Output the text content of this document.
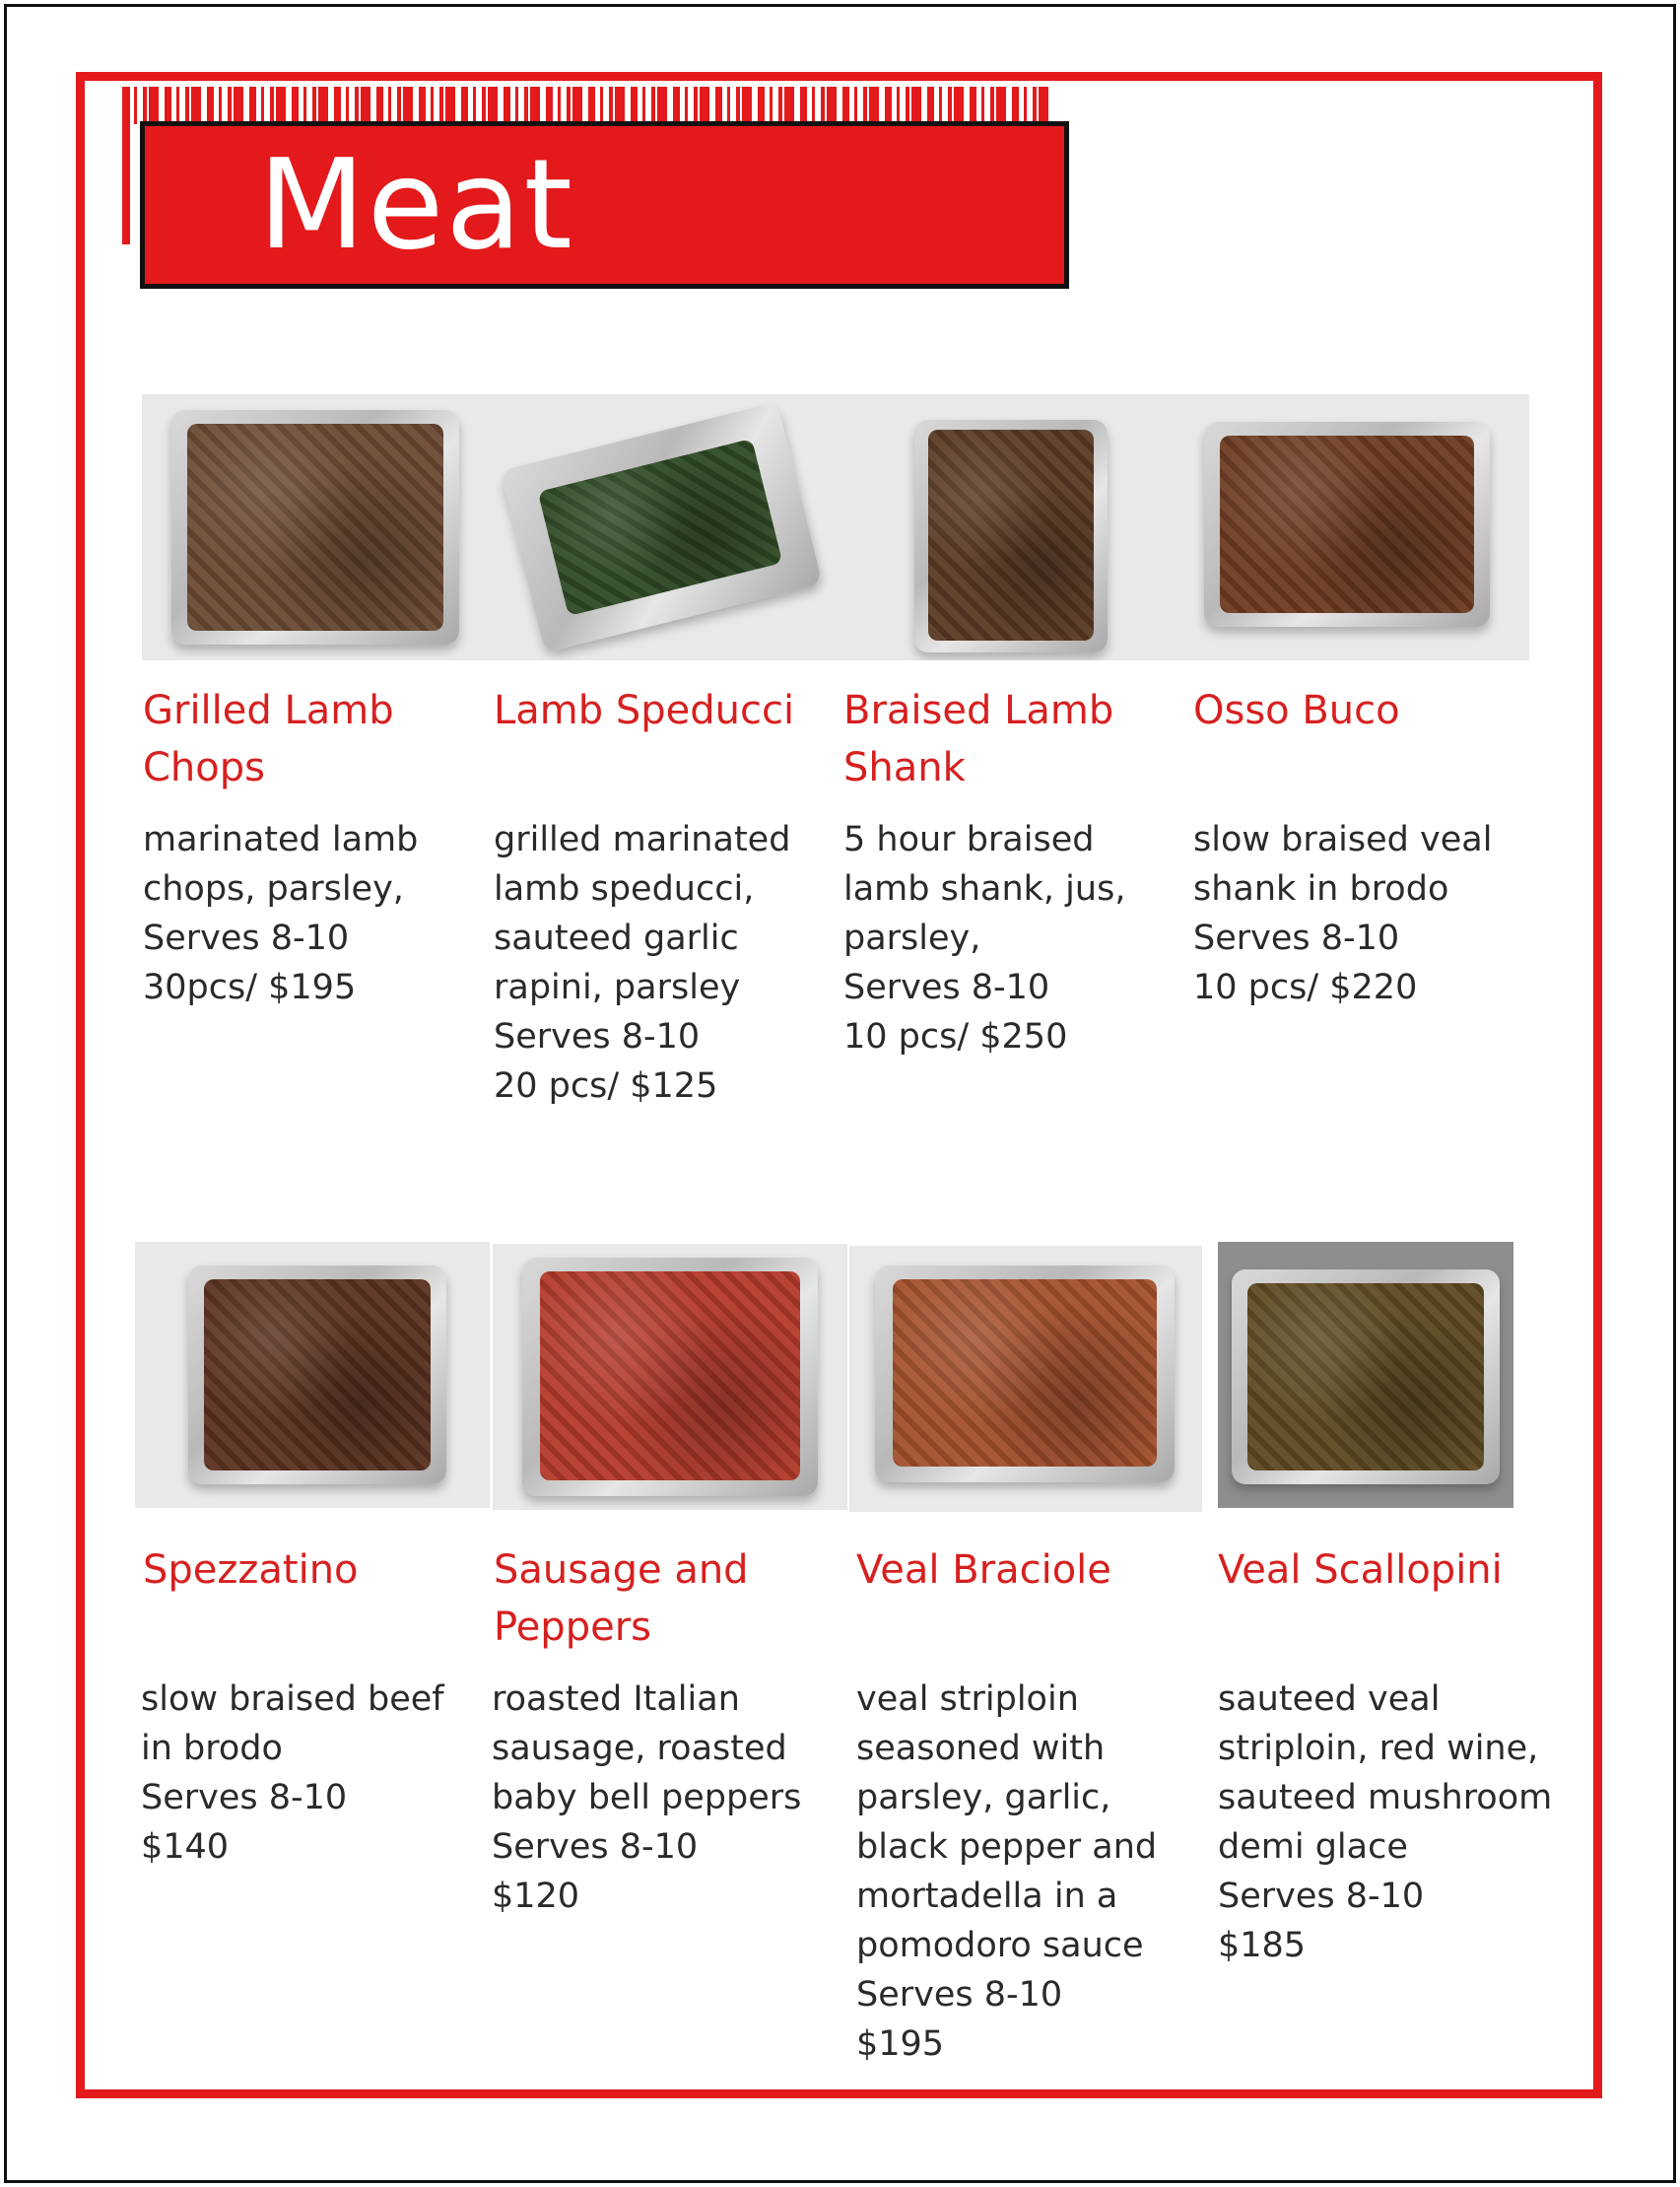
Meat
Grilled Lamb
Chops
Lamb Speducci Braised Lamb
Shank
Osso Buco
marinated lamb
chops, parsley,
Serves 8-10
30pcs/ $195
grilled marinated
lamb speducci,
sauteed garlic
rapini, parsley
Serves 8-10
20 pcs/ $125
5 hour braised
lamb shank, jus,
parsley,
Serves 8-10
10 pcs/ $250
slow braised veal
shank in brodo
Serves 8-10
10 pcs/ $220
Spezzatino	Sausage and
Peppers
Veal Braciole	Veal Scallopini
slow braised beef
in brodo
Serves 8-10
$140
roasted Italian
sausage, roasted
baby bell peppers
Serves 8-10
$120
veal striploin
seasoned with
parsley, garlic,
black pepper and
mortadella in a
pomodoro sauce
Serves 8-10
$195
sauteed veal
striploin, red wine,
sauteed mushroom
demi glace
Serves 8-10
$185
